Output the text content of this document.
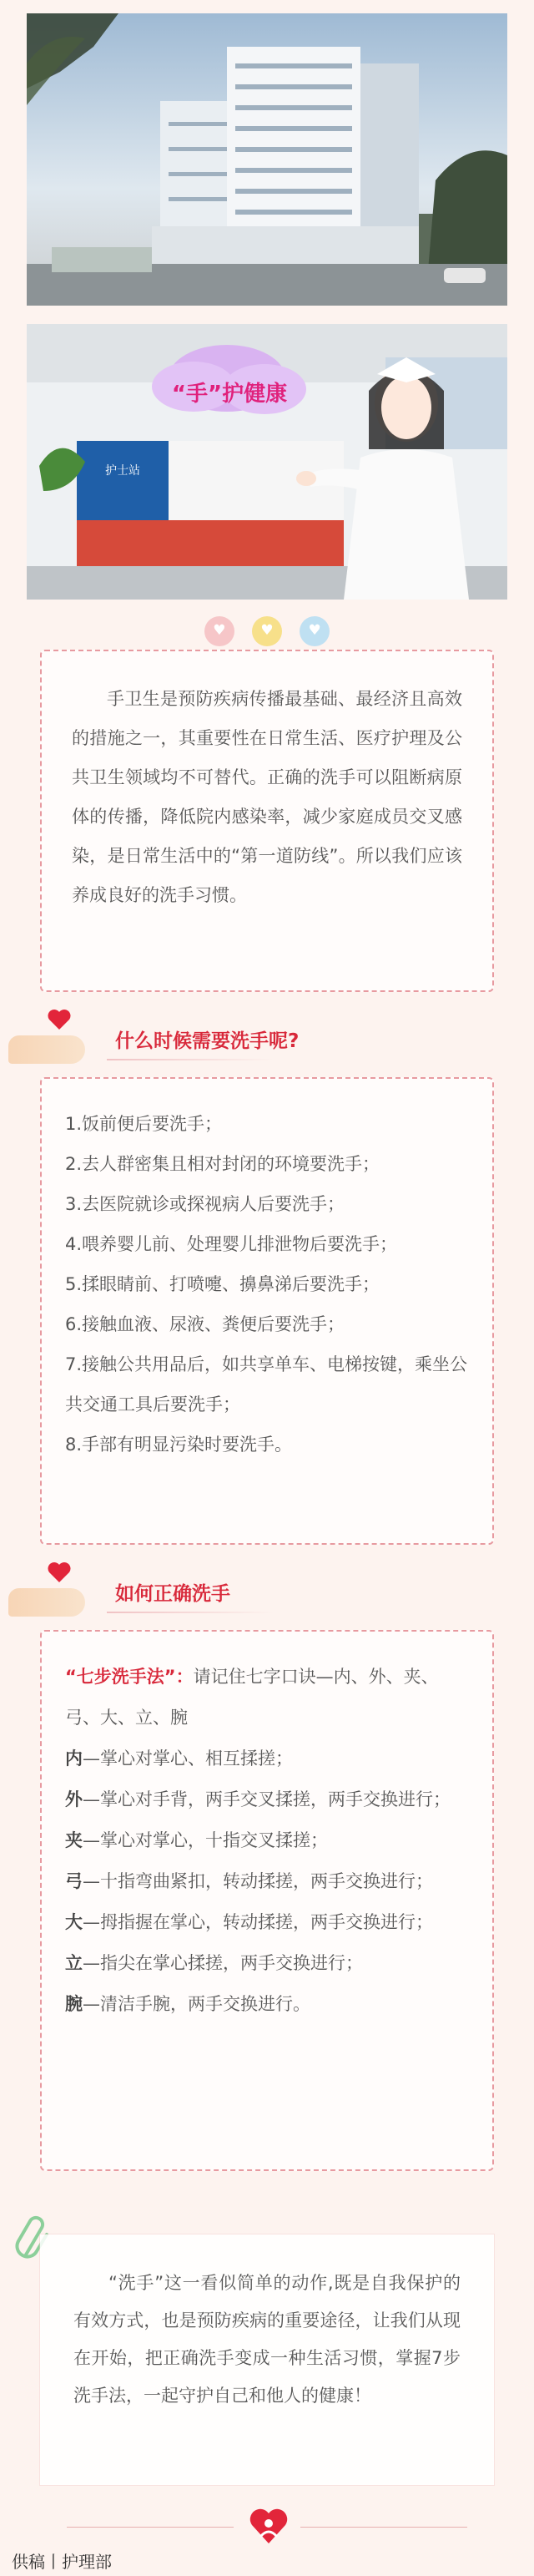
护士站
“手”护健康
♥
	♥
	♥

手卫生是预防疾病传播最基础、最经济且高效的措施之一，其重要性在日常生活、医疗护理及公共卫生领域均不可替代。正确的洗手可以阻断病原体的传播，降低院内感染率，减少家庭成员交叉感染，是日常生活中的“第一道防线”。所以我们应该养成良好的洗手习惯。

什么时候需要洗手呢?
1.饭前便后要洗手；
2.去人群密集且相对封闭的环境要洗手；
3.去医院就诊或探视病人后要洗手；
4.喂养婴儿前、处理婴儿排泄物后要洗手；
5.揉眼睛前、打喷嚏、擤鼻涕后要洗手；
6.接触血液、尿液、粪便后要洗手；
7.接触公共用品后，如共享单车、电梯按键，乘坐公共交通工具后要洗手；
8.手部有明显污染时要洗手。
如何正确洗手
“七步洗手法”：请记住七字口诀—内、外、夹、弓、大、立、腕
内—掌心对掌心、相互揉搓；
外—掌心对手背，两手交叉揉搓，两手交换进行；
夹—掌心对掌心，十指交叉揉搓；
弓—十指弯曲紧扣，转动揉搓，两手交换进行；
大—拇指握在掌心，转动揉搓，两手交换进行；
立—指尖在掌心揉搓，两手交换进行；
腕—清洁手腕，两手交换进行。

“洗手”这一看似简单的动作,既是自我保护的有效方式，也是预防疾病的重要途径，让我们从现在开始，把正确洗手变成一种生活习惯，掌握7步洗手法，一起守护自己和他人的健康！

供稿丨护理部
